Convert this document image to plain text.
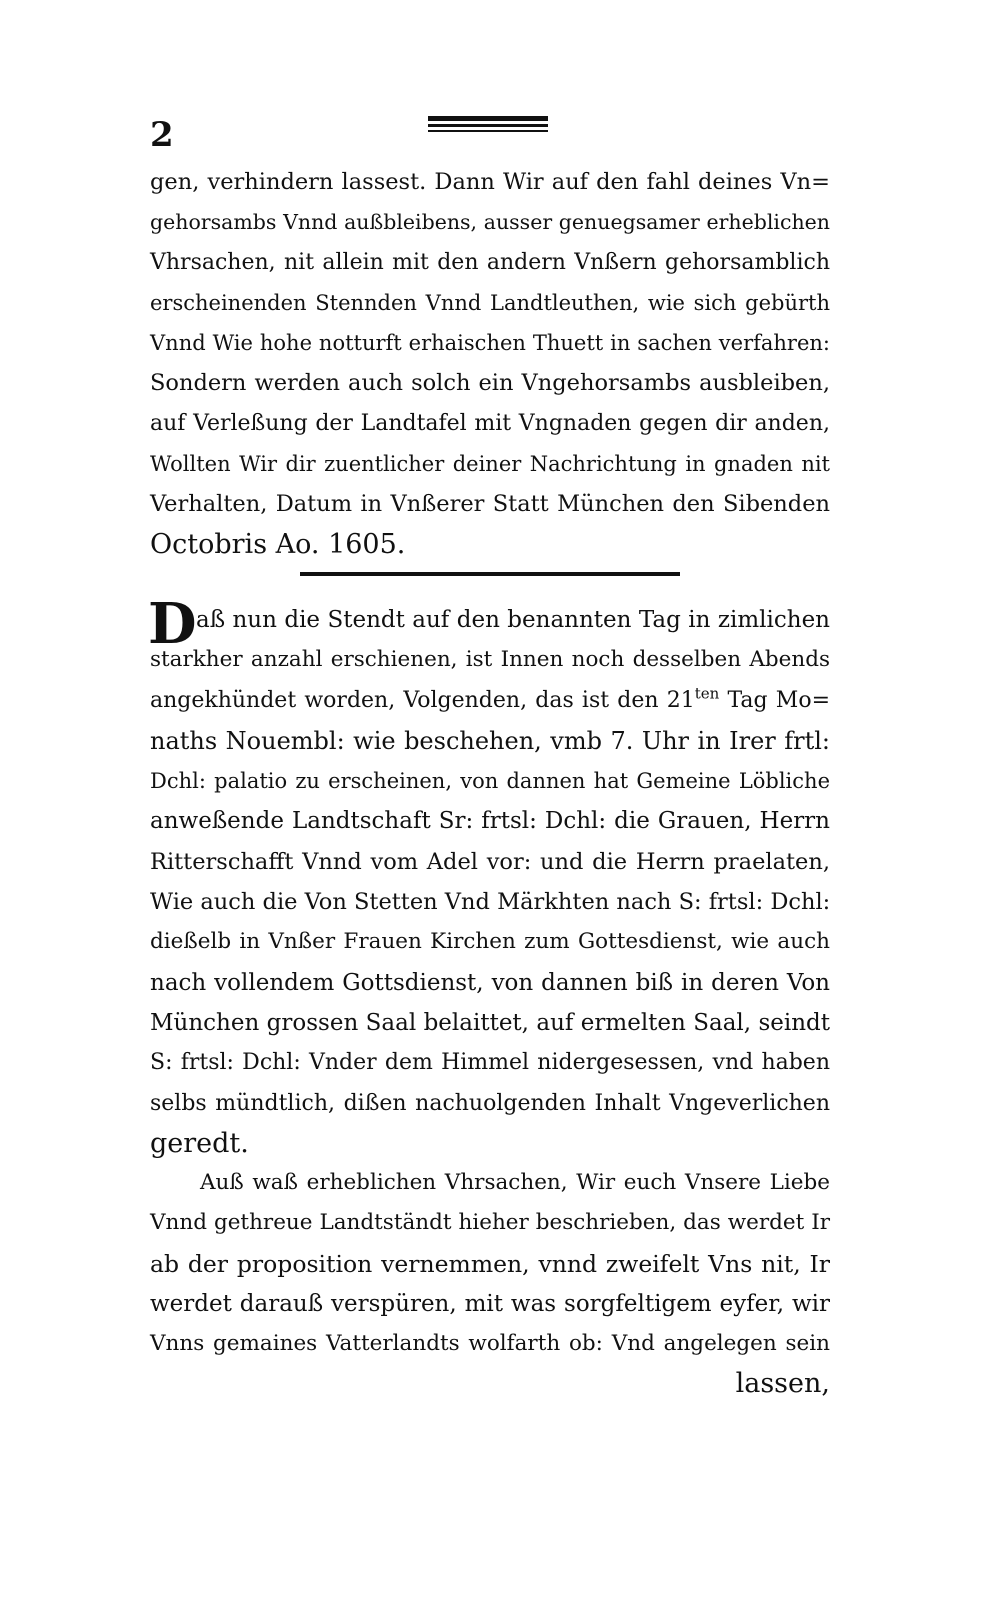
2
gen, verhindern lassest. Dann Wir auf den fahl deines Vn=
gehorsambs Vnnd außbleibens, ausser genuegsamer erheblichen
Vhrsachen, nit allein mit den andern Vnßern gehorsamblich
erscheinenden Stennden Vnnd Landtleuthen, wie sich gebürth
Vnnd Wie hohe notturft erhaischen Thuett in sachen verfahren:
Sondern werden auch solch ein Vngehorsambs ausbleiben,
auf Verleßung der Landtafel mit Vngnaden gegen dir anden,
Wollten Wir dir zuentlicher deiner Nachrichtung in gnaden nit
Verhalten, Datum in Vnßerer Statt München den Sibenden
Octobris Ao. 1605.
D aß nun die Stendt auf den benannten Tag in zimlichen
starkher anzahl erschienen, ist Innen noch desselben Abends
angekhündet worden, Volgenden, das ist den $21^{ten}$ Tag Mo=
naths Nouembl: wie beschehen, vmb 7. Uhr in Irer frtl:
Dchl: palatio zu erscheinen, von dannen hat Gemeine Löbliche
anweßende Landtschaft Sr: frtsl: Dchl: die Grauen, Herrn
Ritterschafft Vnnd vom Adel vor: und die Herrn praelaten,
Wie auch die Von Stetten Vnd Märkhten nach S: frtsl: Dchl:
dießelb in Vnßer Frauen Kirchen zum Gottesdienst, wie auch
nach vollendem Gottsdienst, von dannen biß in deren Von
München grossen Saal belaittet, auf ermelten Saal, seindt
S: frtsl: Dchl: Vnder dem Himmel nidergesessen, vnd haben
selbs mündtlich, dißen nachuolgenden Inhalt Vngeverlichen
geredt.
Auß waß erheblichen Vhrsachen, Wir euch Vnsere Liebe
Vnnd gethreue Landtständt hieher beschrieben, das werdet Ir
ab der proposition vernemmen, vnnd zweifelt Vns nit, Ir
werdet darauß verspüren, mit was sorgfeltigem eyfer, wir
Vnns gemaines Vatterlandts wolfarth ob: Vnd angelegen sein
lassen,
